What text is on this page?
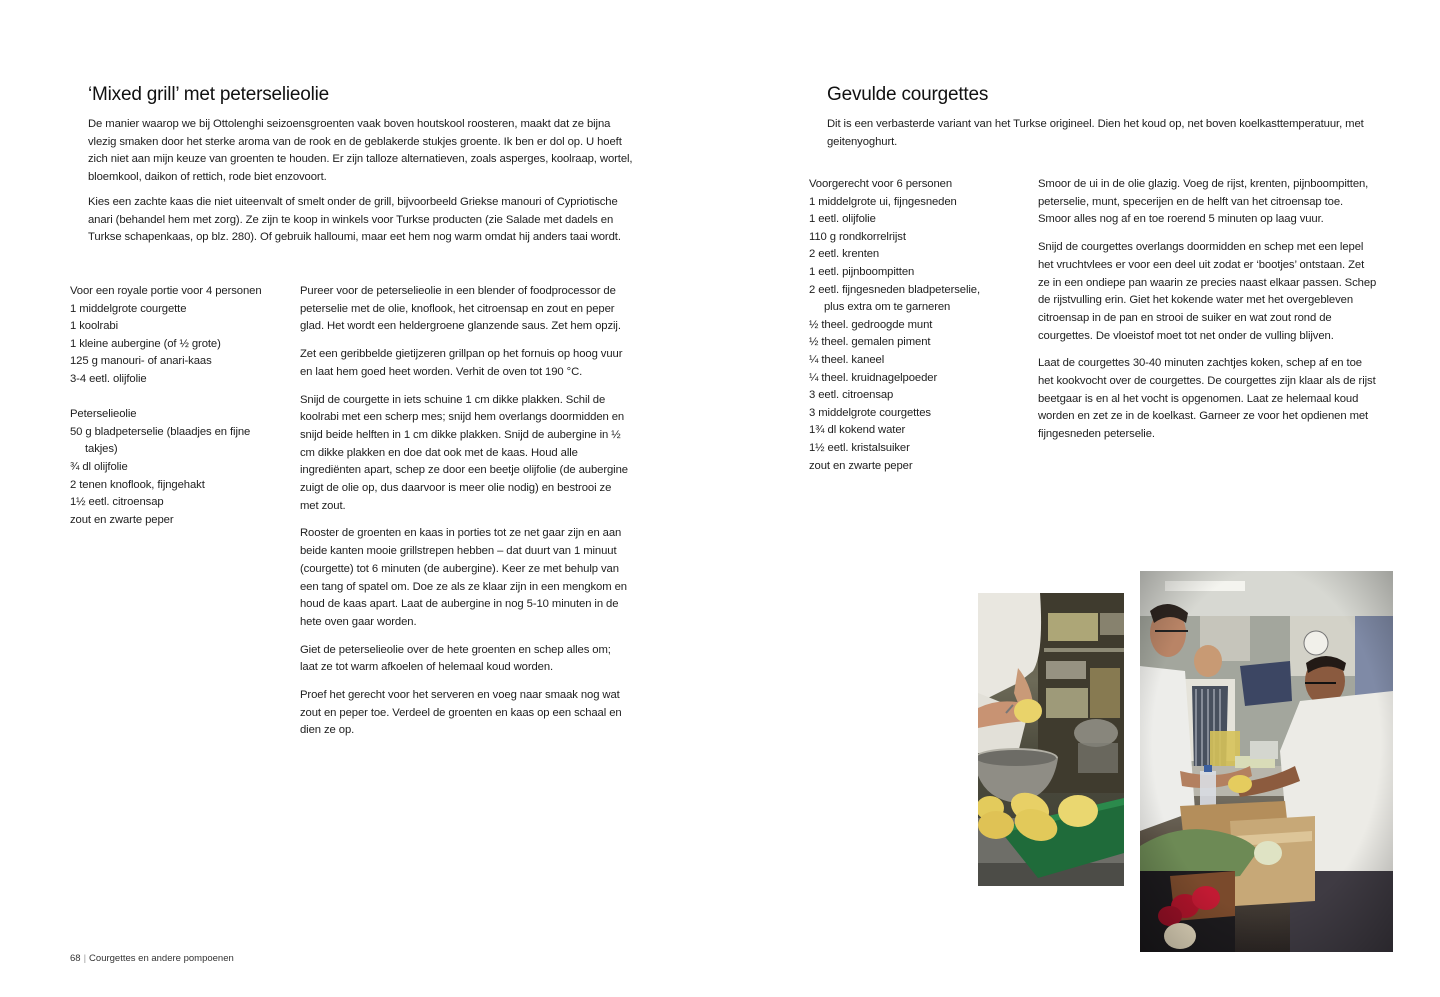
‘Mixed grill’ met peterselieolie

De manier waarop we bij Ottolenghi seizoensgroenten vaak boven houtskool roosteren, maakt dat ze bijna vlezig smaken door het sterke aroma van de rook en de geblakerde stukjes groente. Ik ben er dol op. U hoeft zich niet aan mijn keuze van groenten te houden. Er zijn talloze alternatieven, zoals asperges, koolraap, wortel, bloemkool, daikon of rettich, rode biet enzovoort.

Kies een zachte kaas die niet uiteenvalt of smelt onder de grill, bijvoorbeeld Griekse manouri of Cypriotische anari (behandel hem met zorg). Ze zijn te koop in winkels voor Turkse producten (zie Salade met dadels en Turkse schapenkaas, op blz. 280). Of gebruik halloumi, maar eet hem nog warm omdat hij anders taai wordt.

Voor een royale portie voor 4 personen
1 middelgrote courgette
1 koolrabi
1 kleine aubergine (of ½ grote)
125 g manouri- of anari-kaas
3-4 eetl. olijfolie
Peterselieolie
50 g bladpeterselie (blaadjes en fijne
takjes)
¾ dl olijfolie
2 tenen knoflook, fijngehakt
1½ eetl. citroensap
zout en zwarte peper

Pureer voor de peterselieolie in een blender of foodprocessor de peterselie met de olie, knoflook, het citroensap en zout en peper glad. Het wordt een heldergroene glanzende saus. Zet hem opzij.

Zet een geribbelde gietijzeren grillpan op het fornuis op hoog vuur en laat hem goed heet worden. Verhit de oven tot 190 °C.

Snijd de courgette in iets schuine 1 cm dikke plakken. Schil de koolrabi met een scherp mes; snijd hem overlangs doormidden en snijd beide helften in 1 cm dikke plakken. Snijd de aubergine in ½ cm dikke plakken en doe dat ook met de kaas. Houd alle ingrediënten apart, schep ze door een beetje olijfolie (de aubergine zuigt de olie op, dus daarvoor is meer olie nodig) en bestrooi ze met zout.

Rooster de groenten en kaas in porties tot ze net gaar zijn en aan beide kanten mooie grillstrepen hebben – dat duurt van 1 minuut (courgette) tot 6 minuten (de aubergine). Keer ze met behulp van een tang of spatel om. Doe ze als ze klaar zijn in een mengkom en houd de kaas apart. Laat de aubergine in nog 5-10 minuten in de hete oven gaar worden.

Giet de peterselieolie over de hete groenten en schep alles om; laat ze tot warm afkoelen of helemaal koud worden.

Proef het gerecht voor het serveren en voeg naar smaak nog wat zout en peper toe. Verdeel de groenten en kaas op een schaal en dien ze op.

68 | Courgettes en andere pompoenen
Gevulde courgettes

Dit is een verbasterde variant van het Turkse origineel. Dien het koud op, net boven koelkasttemperatuur, met geitenyoghurt.

Voorgerecht voor 6 personen
1 middelgrote ui, fijngesneden
1 eetl. olijfolie
110 g rondkorrelrijst
2 eetl. krenten
1 eetl. pijnboompitten
2 eetl. fijngesneden bladpeterselie,
plus extra om te garneren
½ theel. gedroogde munt
½ theel. gemalen piment
¼ theel. kaneel
¼ theel. kruidnagelpoeder
3 eetl. citroensap
3 middelgrote courgettes
1¾ dl kokend water
1½ eetl. kristalsuiker
zout en zwarte peper

Smoor de ui in de olie glazig. Voeg de rijst, krenten, pijnboompitten, peterselie, munt, specerijen en de helft van het citroensap toe. Smoor alles nog af en toe roerend 5 minuten op laag vuur.

Snijd de courgettes overlangs doormidden en schep met een lepel het vruchtvlees er voor een deel uit zodat er ‘bootjes’ ontstaan. Zet ze in een ondiepe pan waarin ze precies naast elkaar passen. Schep de rijstvulling erin. Giet het kokende water met het overgebleven citroensap in de pan en strooi de suiker en wat zout rond de courgettes. De vloeistof moet tot net onder de vulling blijven.

Laat de courgettes 30-40 minuten zachtjes koken, schep af en toe het kookvocht over de courgettes. De courgettes zijn klaar als de rijst beetgaar is en al het vocht is opgenomen. Laat ze helemaal koud worden en zet ze in de koelkast. Garneer ze voor het opdienen met fijngesneden peterselie.
